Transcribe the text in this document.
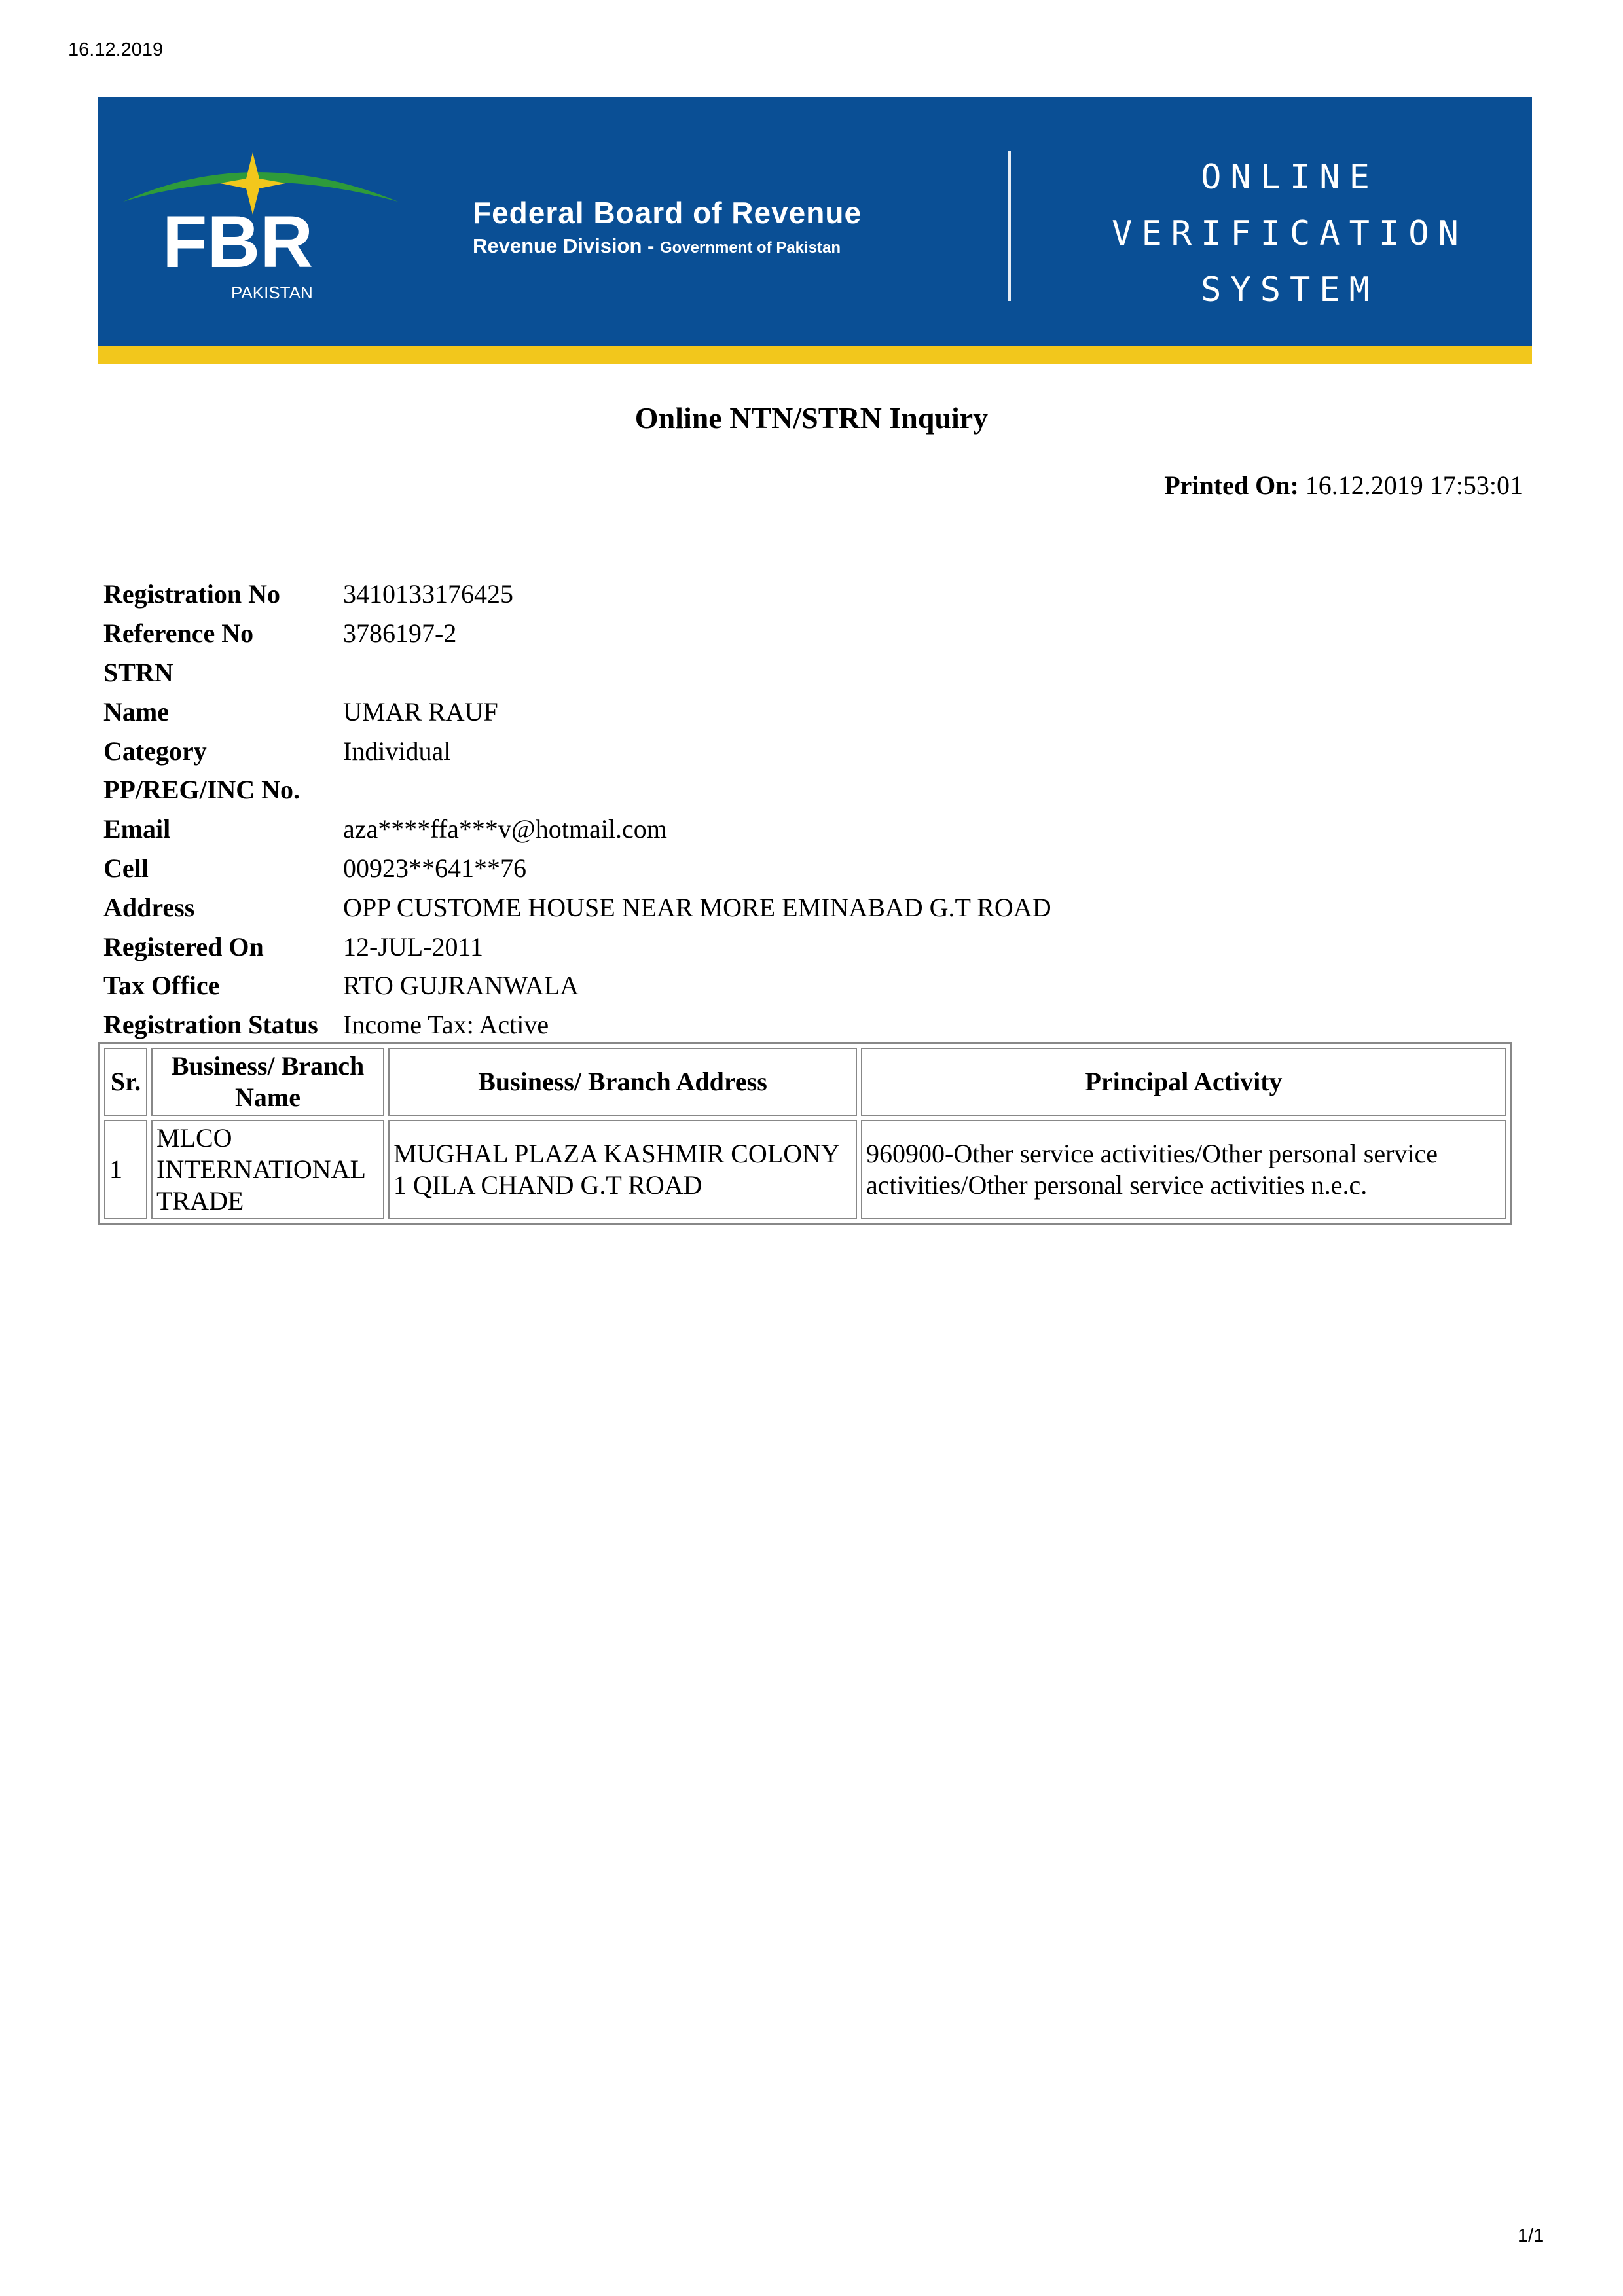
16.12.2019
FBR
PAKISTAN
Federal Board of Revenue
Revenue Division - Government of Pakistan
ONLINE
VERIFICATION
SYSTEM
Online NTN/STRN Inquiry
Printed On: 16.12.2019 17:53:01
Registration No	3410133176425
Reference No	3786197-2
STRN	
Name	UMAR RAUF
Category	Individual
PP/REG/INC No.	
Email	aza****ffa***v@hotmail.com
Cell	00923**641**76
Address	OPP CUSTOME HOUSE NEAR MORE EMINABAD G.T ROAD
Registered On	12-JUL-2011
Tax Office	RTO GUJRANWALA
Registration Status	Income Tax: Active
Sr.	Business/ Branch Name	Business/ Branch Address	Principal Activity
1	MLCO INTERNATIONAL TRADE	MUGHAL PLAZA KASHMIR COLONY 1 QILA CHAND G.T ROAD	960900-Other service activities/Other personal service activities/Other personal service activities n.e.c.
1/1
